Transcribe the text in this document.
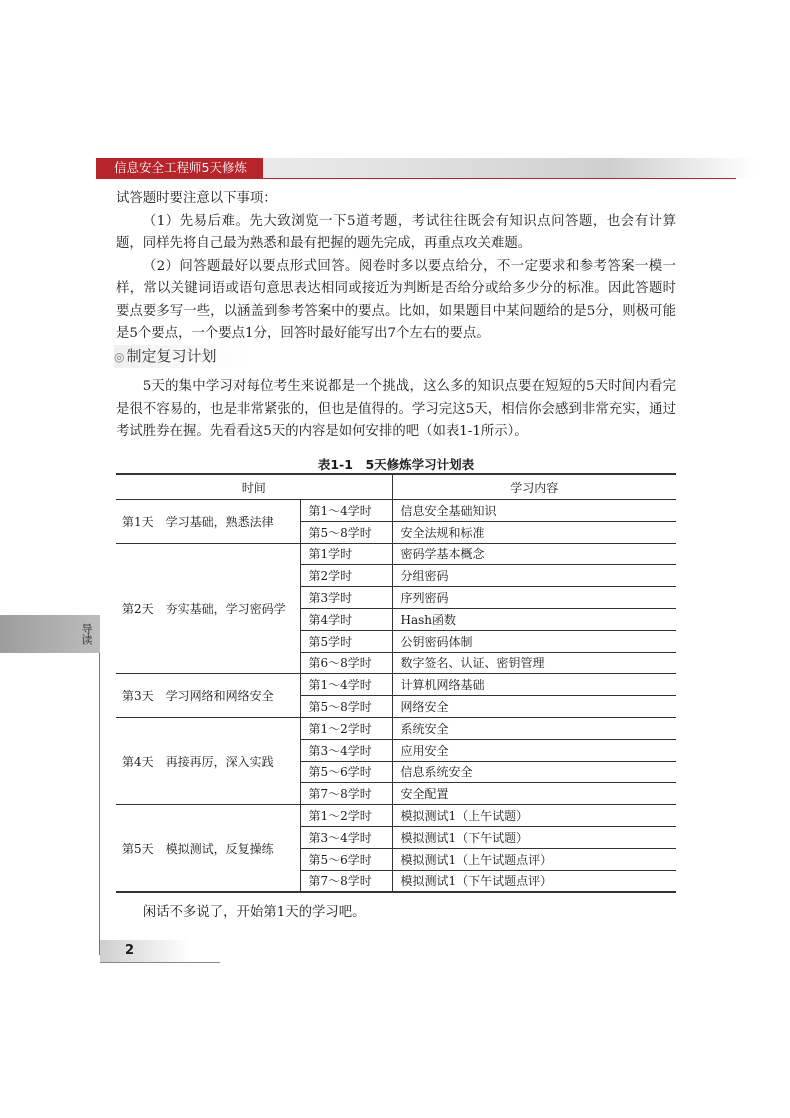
信息安全工程师5天修炼

试答题时要注意以下事项：

（1）先易后难。先大致浏览一下5道考题，考试往往既会有知识点问答题，也会有计算题，同样先将自己最为熟悉和最有把握的题先完成，再重点攻关难题。

（2）问答题最好以要点形式回答。阅卷时多以要点给分，不一定要求和参考答案一模一样，常以关键词语或语句意思表达相同或接近为判断是否给分或给多少分的标准。因此答题时要点要多写一些，以涵盖到参考答案中的要点。比如，如果题目中某问题给的是5分，则极可能是5个要点，一个要点1分，回答时最好能写出7个左右的要点。

◎ 制定复习计划

5天的集中学习对每位考生来说都是一个挑战，这么多的知识点要在短短的5天时间内看完是很不容易的，也是非常紧张的，但也是值得的。学习完这5天，相信你会感到非常充实，通过考试胜券在握。先看看这5天的内容是如何安排的吧（如表1-1所示）。

表1-1　5天修炼学习计划表
时间		学习内容
第1天　学习基础，熟悉法律	第1～4学时	信息安全基础知识
	第5～8学时	安全法规和标准
第2天　夯实基础，学习密码学	第1学时	密码学基本概念
	第2学时	分组密码
	第3学时	序列密码
	第4学时	Hash函数
	第5学时	公钥密码体制
	第6～8学时	数字签名、认证、密钥管理
第3天　学习网络和网络安全	第1～4学时	计算机网络基础
	第5～8学时	网络安全
第4天　再接再厉，深入实践	第1～2学时	系统安全
	第3～4学时	应用安全
	第5～6学时	信息系统安全
	第7～8学时	安全配置
第5天　模拟测试，反复操练	第1～2学时	模拟测试1（上午试题）
	第3～4学时	模拟测试1（下午试题）
	第5～6学时	模拟测试1（上午试题点评）
	第7～8学时	模拟测试1（下午试题点评）

闲话不多说了，开始第1天的学习吧。

导读
2
